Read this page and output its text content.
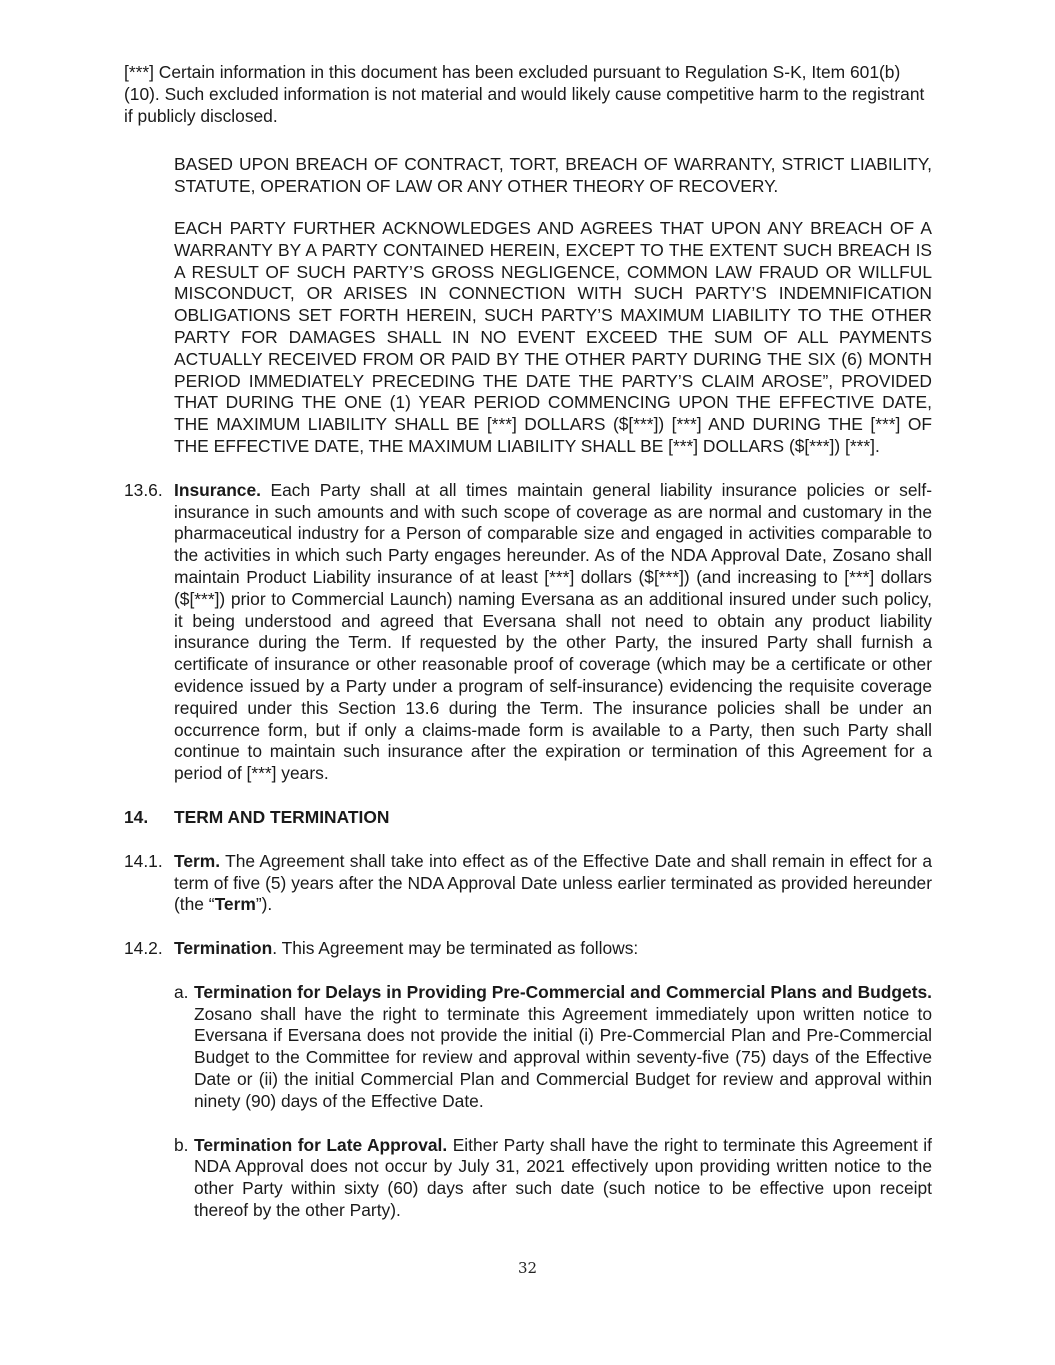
[***] Certain information in this document has been excluded pursuant to Regulation S-K, Item 601(b)(10). Such excluded information is not material and would likely cause competitive harm to the registrant if publicly disclosed.

BASED UPON BREACH OF CONTRACT, TORT, BREACH OF WARRANTY, STRICT LIABILITY, STATUTE, OPERATION OF LAW OR ANY OTHER THEORY OF RECOVERY.

EACH PARTY FURTHER ACKNOWLEDGES AND AGREES THAT UPON ANY BREACH OF A WARRANTY BY A PARTY CONTAINED HEREIN, EXCEPT TO THE EXTENT SUCH BREACH IS A RESULT OF SUCH PARTY’S GROSS NEGLIGENCE, COMMON LAW FRAUD OR WILLFUL MISCONDUCT, OR ARISES IN CONNECTION WITH SUCH PARTY’S INDEMNIFICATION OBLIGATIONS SET FORTH HEREIN, SUCH PARTY’S MAXIMUM LIABILITY TO THE OTHER PARTY FOR DAMAGES SHALL IN NO EVENT EXCEED THE SUM OF ALL PAYMENTS ACTUALLY RECEIVED FROM OR PAID BY THE OTHER PARTY DURING THE SIX (6) MONTH PERIOD IMMEDIATELY PRECEDING THE DATE THE PARTY’S CLAIM AROSE”, PROVIDED THAT DURING THE ONE (1) YEAR PERIOD COMMENCING UPON THE EFFECTIVE DATE, THE MAXIMUM LIABILITY SHALL BE [***] DOLLARS ($[***]) [***] AND DURING THE [***] OF THE EFFECTIVE DATE, THE MAXIMUM LIABILITY SHALL BE [***] DOLLARS ($[***]) [***].

13.6. Insurance. Each Party shall at all times maintain general liability insurance policies or self-insurance in such amounts and with such scope of coverage as are normal and customary in the pharmaceutical industry for a Person of comparable size and engaged in activities comparable to the activities in which such Party engages hereunder. As of the NDA Approval Date, Zosano shall maintain Product Liability insurance of at least [***] dollars ($[***]) (and increasing to [***] dollars ($[***]) prior to Commercial Launch) naming Eversana as an additional insured under such policy, it being understood and agreed that Eversana shall not need to obtain any product liability insurance during the Term. If requested by the other Party, the insured Party shall furnish a certificate of insurance or other reasonable proof of coverage (which may be a certificate or other evidence issued by a Party under a program of self-insurance) evidencing the requisite coverage required under this Section 13.6 during the Term. The insurance policies shall be under an occurrence form, but if only a claims-made form is available to a Party, then such Party shall continue to maintain such insurance after the expiration or termination of this Agreement for a period of [***] years.

14.	TERM AND TERMINATION
14.1. Term. The Agreement shall take into effect as of the Effective Date and shall remain in effect for a term of five (5) years after the NDA Approval Date unless earlier terminated as provided hereunder (the “Term”).

14.2. Termination. This Agreement may be terminated as follows:

a. Termination for Delays in Providing Pre-Commercial and Commercial Plans and Budgets. Zosano shall have the right to terminate this Agreement immediately upon written notice to Eversana if Eversana does not provide the initial (i) Pre-Commercial Plan and Pre-Commercial Budget to the Committee for review and approval within seventy-five (75) days of the Effective Date or (ii) the initial Commercial Plan and Commercial Budget for review and approval within ninety (90) days of the Effective Date.

b. Termination for Late Approval. Either Party shall have the right to terminate this Agreement if NDA Approval does not occur by July 31, 2021 effectively upon providing written notice to the other Party within sixty (60) days after such date (such notice to be effective upon receipt thereof by the other Party).

32
